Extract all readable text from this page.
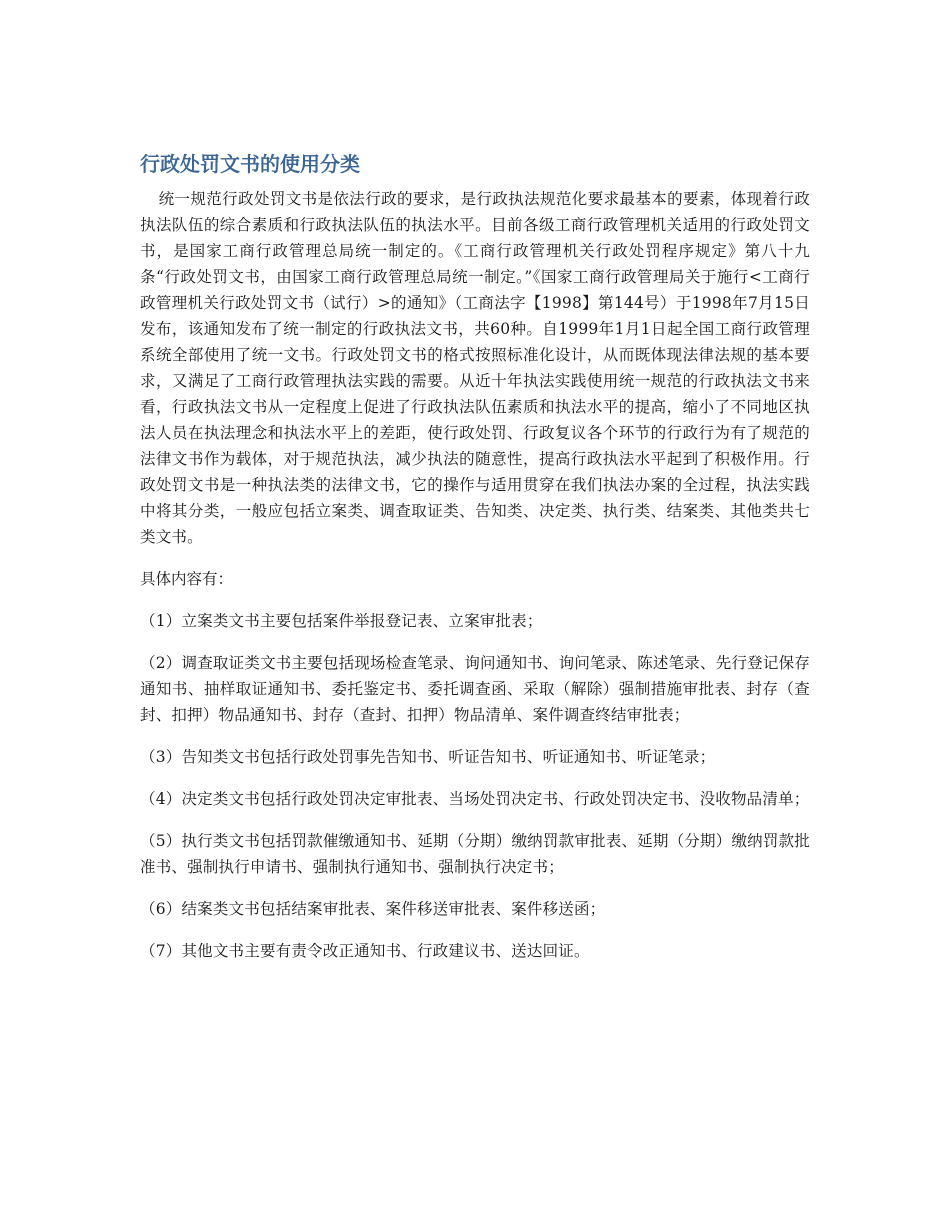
行政处罚文书的使用分类

统一规范行政处罚文书是依法行政的要求，是行政执法规范化要求最基本的要素，体现着行政执法队伍的综合素质和行政执法队伍的执法水平。目前各级工商行政管理机关适用的行政处罚文书，是国家工商行政管理总局统一制定的。《工商行政管理机关行政处罚程序规定》第八十九条“行政处罚文书，由国家工商行政管理总局统一制定。”《国家工商行政管理局关于施行<工商行政管理机关行政处罚文书（试行）>的通知》（工商法字【1998】第144号）于1998年7月15日发布，该通知发布了统一制定的行政执法文书，共60种。自1999年1月1日起全国工商行政管理系统全部使用了统一文书。行政处罚文书的格式按照标准化设计，从而既体现法律法规的基本要求，又满足了工商行政管理执法实践的需要。从近十年执法实践使用统一规范的行政执法文书来看，行政执法文书从一定程度上促进了行政执法队伍素质和执法水平的提高，缩小了不同地区执法人员在执法理念和执法水平上的差距，使行政处罚、行政复议各个环节的行政行为有了规范的法律文书作为载体，对于规范执法，减少执法的随意性，提高行政执法水平起到了积极作用。行政处罚文书是一种执法类的法律文书，它的操作与适用贯穿在我们执法办案的全过程，执法实践中将其分类，一般应包括立案类、调查取证类、告知类、决定类、执行类、结案类、其他类共七类文书。

具体内容有：

（1）立案类文书主要包括案件举报登记表、立案审批表；
（2）调查取证类文书主要包括现场检查笔录、询问通知书、询问笔录、陈述笔录、先行登记保存通知书、抽样取证通知书、委托鉴定书、委托调查函、采取（解除）强制措施审批表、封存（查封、扣押）物品通知书、封存（查封、扣押）物品清单、案件调查终结审批表；
（3）告知类文书包括行政处罚事先告知书、听证告知书、听证通知书、听证笔录；
（4）决定类文书包括行政处罚决定审批表、当场处罚决定书、行政处罚决定书、没收物品清单；
（5）执行类文书包括罚款催缴通知书、延期（分期）缴纳罚款审批表、延期（分期）缴纳罚款批准书、强制执行申请书、强制执行通知书、强制执行决定书；
（6）结案类文书包括结案审批表、案件移送审批表、案件移送函；
（7）其他文书主要有责令改正通知书、行政建议书、送达回证。
